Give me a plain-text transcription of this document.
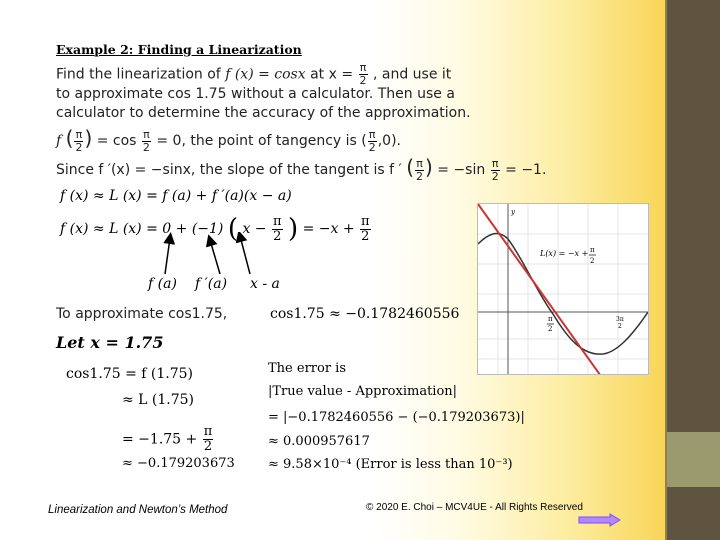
Example 2: Finding a Linearization
Find the linearization of f (x) = cosx at $x = \frac{\pi}{2}$ , and use it
to approximate cos 1.75 without a calculator. Then use a
calculator to determine the accuracy of the approximation.
f ( $\frac{\pi}{2}$ ) = $\cos \frac{\pi}{2} = 0$, the point of tangency is ( $\frac{\pi}{2} ,0$).
Since f ′(x) = −sinx, the slope of the tangent is f ′ ( $\frac{\pi}{2}$ ) = $-\sin \frac{\pi}{2} = -1$.
f (x) ≈ L (x) = f (a) + f ′(a)(x − a)
f (x) ≈ L (x) = 0 + (−1) ( $x - \frac{\pi}{2}$ ) = $-x + \frac{\pi}{2}$
f (a) f ′(a) x - a
To approximate cos1.75,	cos1.75 ≈ −0.1782460556
Let x = 1.75
cos1.75 = f (1.75)
≈ L (1.75)
= $-1.75 + \frac{\pi}{2}$
≈ −0.179203673
The error is
|True value - Approximation|
= |−0.1782460556 − (−0.179203673)|
≈ 0.000957617
≈ 9.58×10⁻⁴ (Error is less than 10⁻³)
y
L(x) = −x + π
2
π
2
3π
2
Linearization and Newton’s Method	© 2020 E. Choi – MCV4UE - All Rights Reserved
